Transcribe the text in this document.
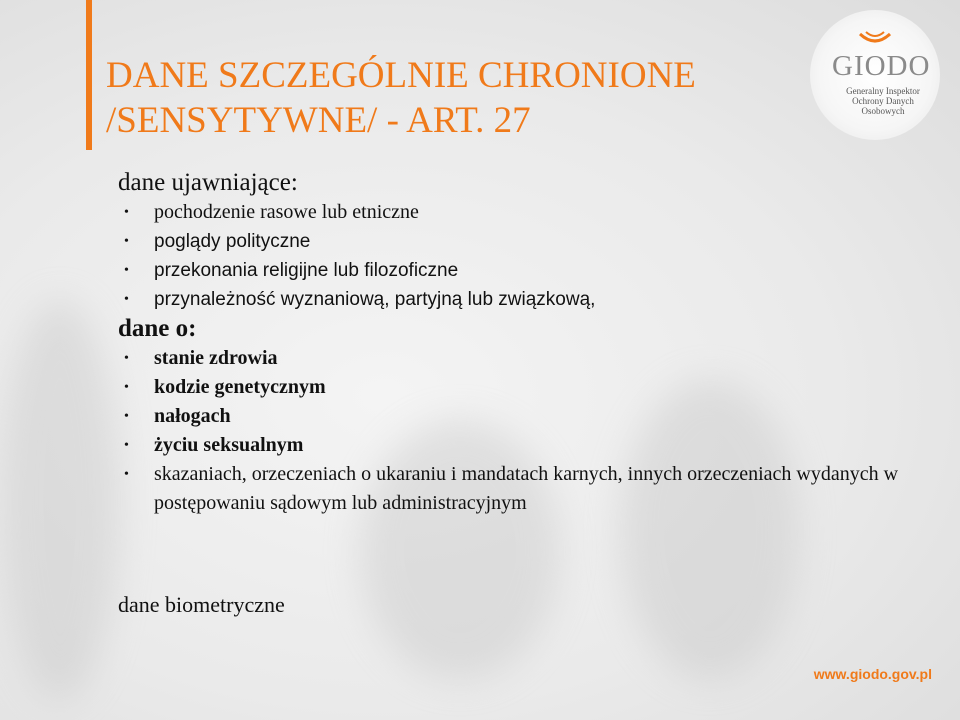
DANE SZCZEGÓLNIE CHRONIONE
/SENSYTYWNE/ - ART. 27
GIODO
Generalny Inspektor Ochrony Danych Osobowych

dane ujawniające:

• pochodzenie rasowe lub etniczne
• poglądy polityczne
• przekonania religijne lub filozoficzne
• przynależność wyznaniową, partyjną lub związkową,

dane o:

• stanie zdrowia
• kodzie genetycznym
• nałogach
• życiu seksualnym
• skazaniach, orzeczeniach o ukaraniu i mandatach karnych, innych orzeczeniach wydanych w postępowaniu sądowym lub administracyjnym
dane biometryczne
www.giodo.gov.pl
